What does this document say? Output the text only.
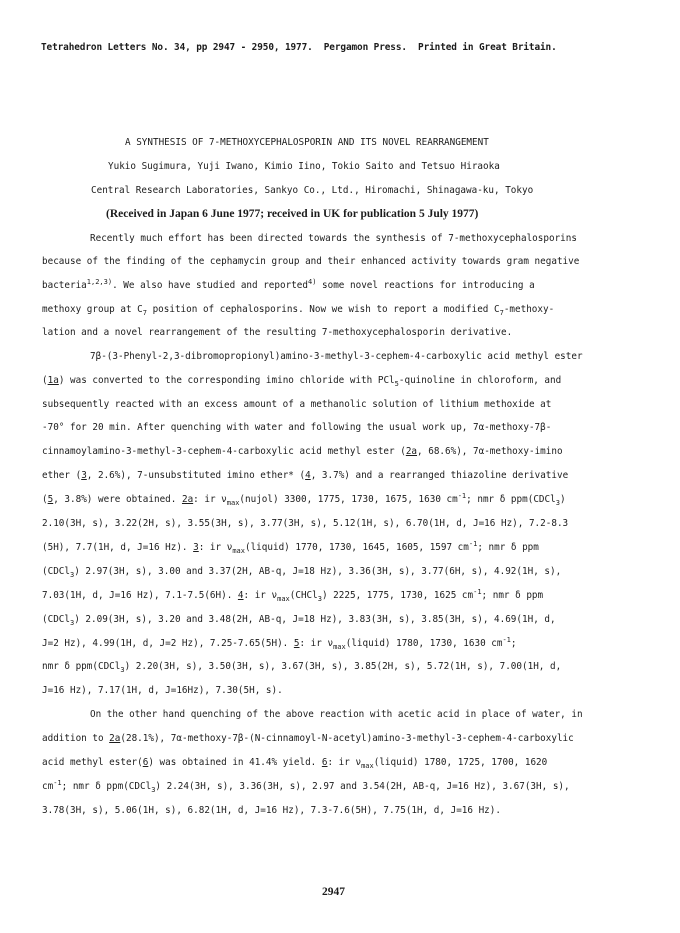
Tetrahedron Letters No. 34, pp 2947 - 2950, 1977. Pergamon Press. Printed in Great Britain.
A SYNTHESIS OF 7-METHOXYCEPHALOSPORIN AND ITS NOVEL REARRANGEMENT
Yukio Sugimura, Yuji Iwano, Kimio Iino, Tokio Saito and Tetsuo Hiraoka
Central Research Laboratories, Sankyo Co., Ltd., Hiromachi, Shinagawa-ku, Tokyo
(Received in Japan 6 June 1977; received in UK for publication 5 July 1977)
Recently much effort has been directed towards the synthesis of 7-methoxycephalosporins
because of the finding of the cephamycin group and their enhanced activity towards gram negative
bacteria$^{1,2,3)}$. We also have studied and reported$^{4)}$ some novel reactions for introducing a
methoxy group at $C_7$ position of cephalosporins. Now we wish to report a modified $C_7-methoxy-$
lation and a novel rearrangement of the resulting 7-methoxycephalosporin derivative.
7β-(3-Phenyl-2,3-dibromopropionyl)amino-3-methyl-3-cephem-4-carboxylic acid methyl ester
(1a) was converted to the corresponding imino chloride with PCl$_5$-quinoline in chloroform, and
subsequently reacted with an excess amount of a methanolic solution of lithium methoxide at
-70° for 20 min. After quenching with water and following the usual work up, 7α-methoxy-7β-
cinnamoylamino-3-methyl-3-cephem-4-carboxylic acid methyl ester (2a, 68.6%), 7α-methoxy-imino
ether (3, 2.6%), 7-unsubstituted imino ether* (4, 3.7%) and a rearranged thiazoline derivative
(5, 3.8%) were obtained. 2a: ir $\nu_{max}(nujol)$ 3300, 1775, 1730, 1675, 1630 $cm^{-1}$; nmr δ ppm(CDCl$_3$)
2.10(3H, s), 3.22(2H, s), 3.55(3H, s), 3.77(3H, s), 5.12(1H, s), 6.70(1H, d, J=16 Hz), 7.2-8.3
(5H), 7.7(1H, d, J=16 Hz). 3: ir $\nu_{max}(liquid)$ 1770, 1730, 1645, 1605, 1597 $cm^{-1}$; nmr δ ppm
(CDCl$_3$) 2.97(3H, s), 3.00 and 3.37(2H, AB-q, J=18 Hz), 3.36(3H, s), 3.77(6H, s), 4.92(1H, s),
7.03(1H, d, J=16 Hz), 7.1-7.5(6H). 4: ir $\nu_{max}(CHCl_3)$ 2225, 1775, 1730, 1625 $cm^{-1}$; nmr δ ppm
(CDCl$_3$) 2.09(3H, s), 3.20 and 3.48(2H, AB-q, J=18 Hz), 3.83(3H, s), 3.85(3H, s), 4.69(1H, d,
J=2 Hz), 4.99(1H, d, J=2 Hz), 7.25-7.65(5H). 5: ir $\nu_{max}(liquid)$ 1780, 1730, 1630 $cm^{-1}$;
nmr δ ppm(CDCl$_3$) 2.20(3H, s), 3.50(3H, s), 3.67(3H, s), 3.85(2H, s), 5.72(1H, s), 7.00(1H, d,
J=16 Hz), 7.17(1H, d, J=16Hz), 7.30(5H, s).
On the other hand quenching of the above reaction with acetic acid in place of water, in
addition to 2a(28.1%), 7α-methoxy-7β-(N-cinnamoyl-N-acetyl)amino-3-methyl-3-cephem-4-carboxylic
acid methyl ester(6) was obtained in 41.4% yield. 6: ir $\nu_{max}(liquid)$ 1780, 1725, 1700, 1620
$cm^{-1}$; nmr δ ppm(CDCl$_3$) 2.24(3H, s), 3.36(3H, s), 2.97 and 3.54(2H, AB-q, J=16 Hz), 3.67(3H, s),
3.78(3H, s), 5.06(1H, s), 6.82(1H, d, J=16 Hz), 7.3-7.6(5H), 7.75(1H, d, J=16 Hz).
2947
